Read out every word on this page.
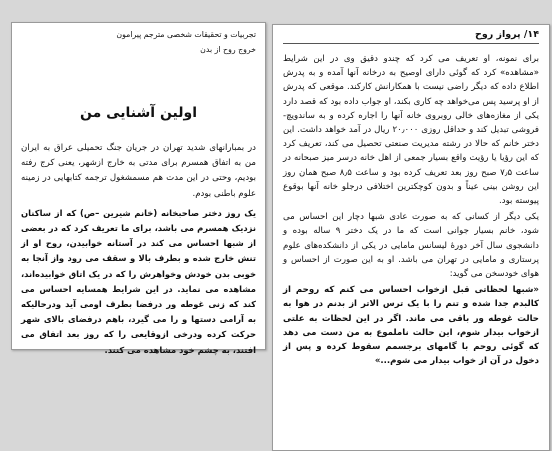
۱۴/ پرواز روح

برای نمونه، او تعریف می کرد که چندو دقیق وی در این شرایط «مشاهده» کرد که گوئی دارای اوصیح به درخانه آنها آمده و به پدرش اطلاع داده که دیگر راضی نیست با همکارانش کارکند. موقعی که پدرش از او پرسید پس می‌خواهد چه کاری بکند، او جواب داده بود که قصد دارد یکی از مغازه‌های خالی روبروی خانه آنها را اجاره کرده و به ساندویچ- فروشی تبدیل کند و حداقل روزی ۲۰٫۰۰۰ ریال در آمد خواهد داشت. این دختر خانم که حالا در رشته مدیریت صنعتی تحصیل می کند، تعریف کرد که این رؤیا یا رؤیت واقع بسیار جمعی از اهل خانه درسر میز صبحانه در ساعت ۷٫۵ صبح روز بعد تعریف کرده بود و ساعت ۸٫۵ صبح همان روز این روشن بینی عیناً و بدون کوچکترین اختلافی درجلو خانه آنها بوقوع پیوسته بود.

یکی دیگر از کسانی که به صورت عادی شبها دچار این احساس می شود، خانم بسیار جوانی است که ما در یک دختر ۹ ساله بوده و دانشجوی سال آخر دورهٔ لیسانس مامایی در یکی از دانشکده‌های علوم پرستاری و مامایی در تهران می باشد. او به این صورت از احساس و هوای خودسخن می گوید:

«شبها لحظاتی قبل ازخواب احساس می کنم که روحم از کالبدم جدا شده و تنم را با یک ترس الاتر از بدنم در هوا به حالت غوطه ور باقی می ماند. اگر در این لحظات به علتی ازخواب بیدار شوم، این حالت ناملموع به من دست می دهد که گوئی روحم با گامهای برجسمم سقوط کرده و پس از دخول در آن از خواب بیدار می شوم...»

تجربیات و تحقیقات شخصی مترجم پیرامون
خروج روح از بدن
اولین آشنایی من

در بمبارانهای شدید تهران در جریان جنگ تحمیلی عراق به ایران من به اتفاق همسرم برای مدتی به خارج ازشهر، یعنی کرج رفته بودیم، وحتی در این مدت هم مسمشغول ترجمه کتابهایی در زمینه علوم باطنی بودم.

یک روز دختر صاحبخانه (خانم شیرین –ص) که از ساکنان نزدیک همسرم می باشد، برای ما تعریف کرد که در بعضی از شبها احساس می کند در آستانه خوابیدن، روح او از تنش خارج شده و بطرف بالا و سقف می رود واز آنجا به خوبی بدن خودش وخواهرش را که در یک اتاق خوابیده‌اند، مشاهده می نماید. در این شرایط همسایه احساس می کند که زنی غوطه ور درفضا بطرف اومی آید ودرحالیکه به آرامی دستها و را می گیرد، باهم درفضای بالای شهر حرکت کرده ودرخی ازوقایعی را که روز بعد اتفاق می افتند، به چشم خود مشاهده می کنند.
